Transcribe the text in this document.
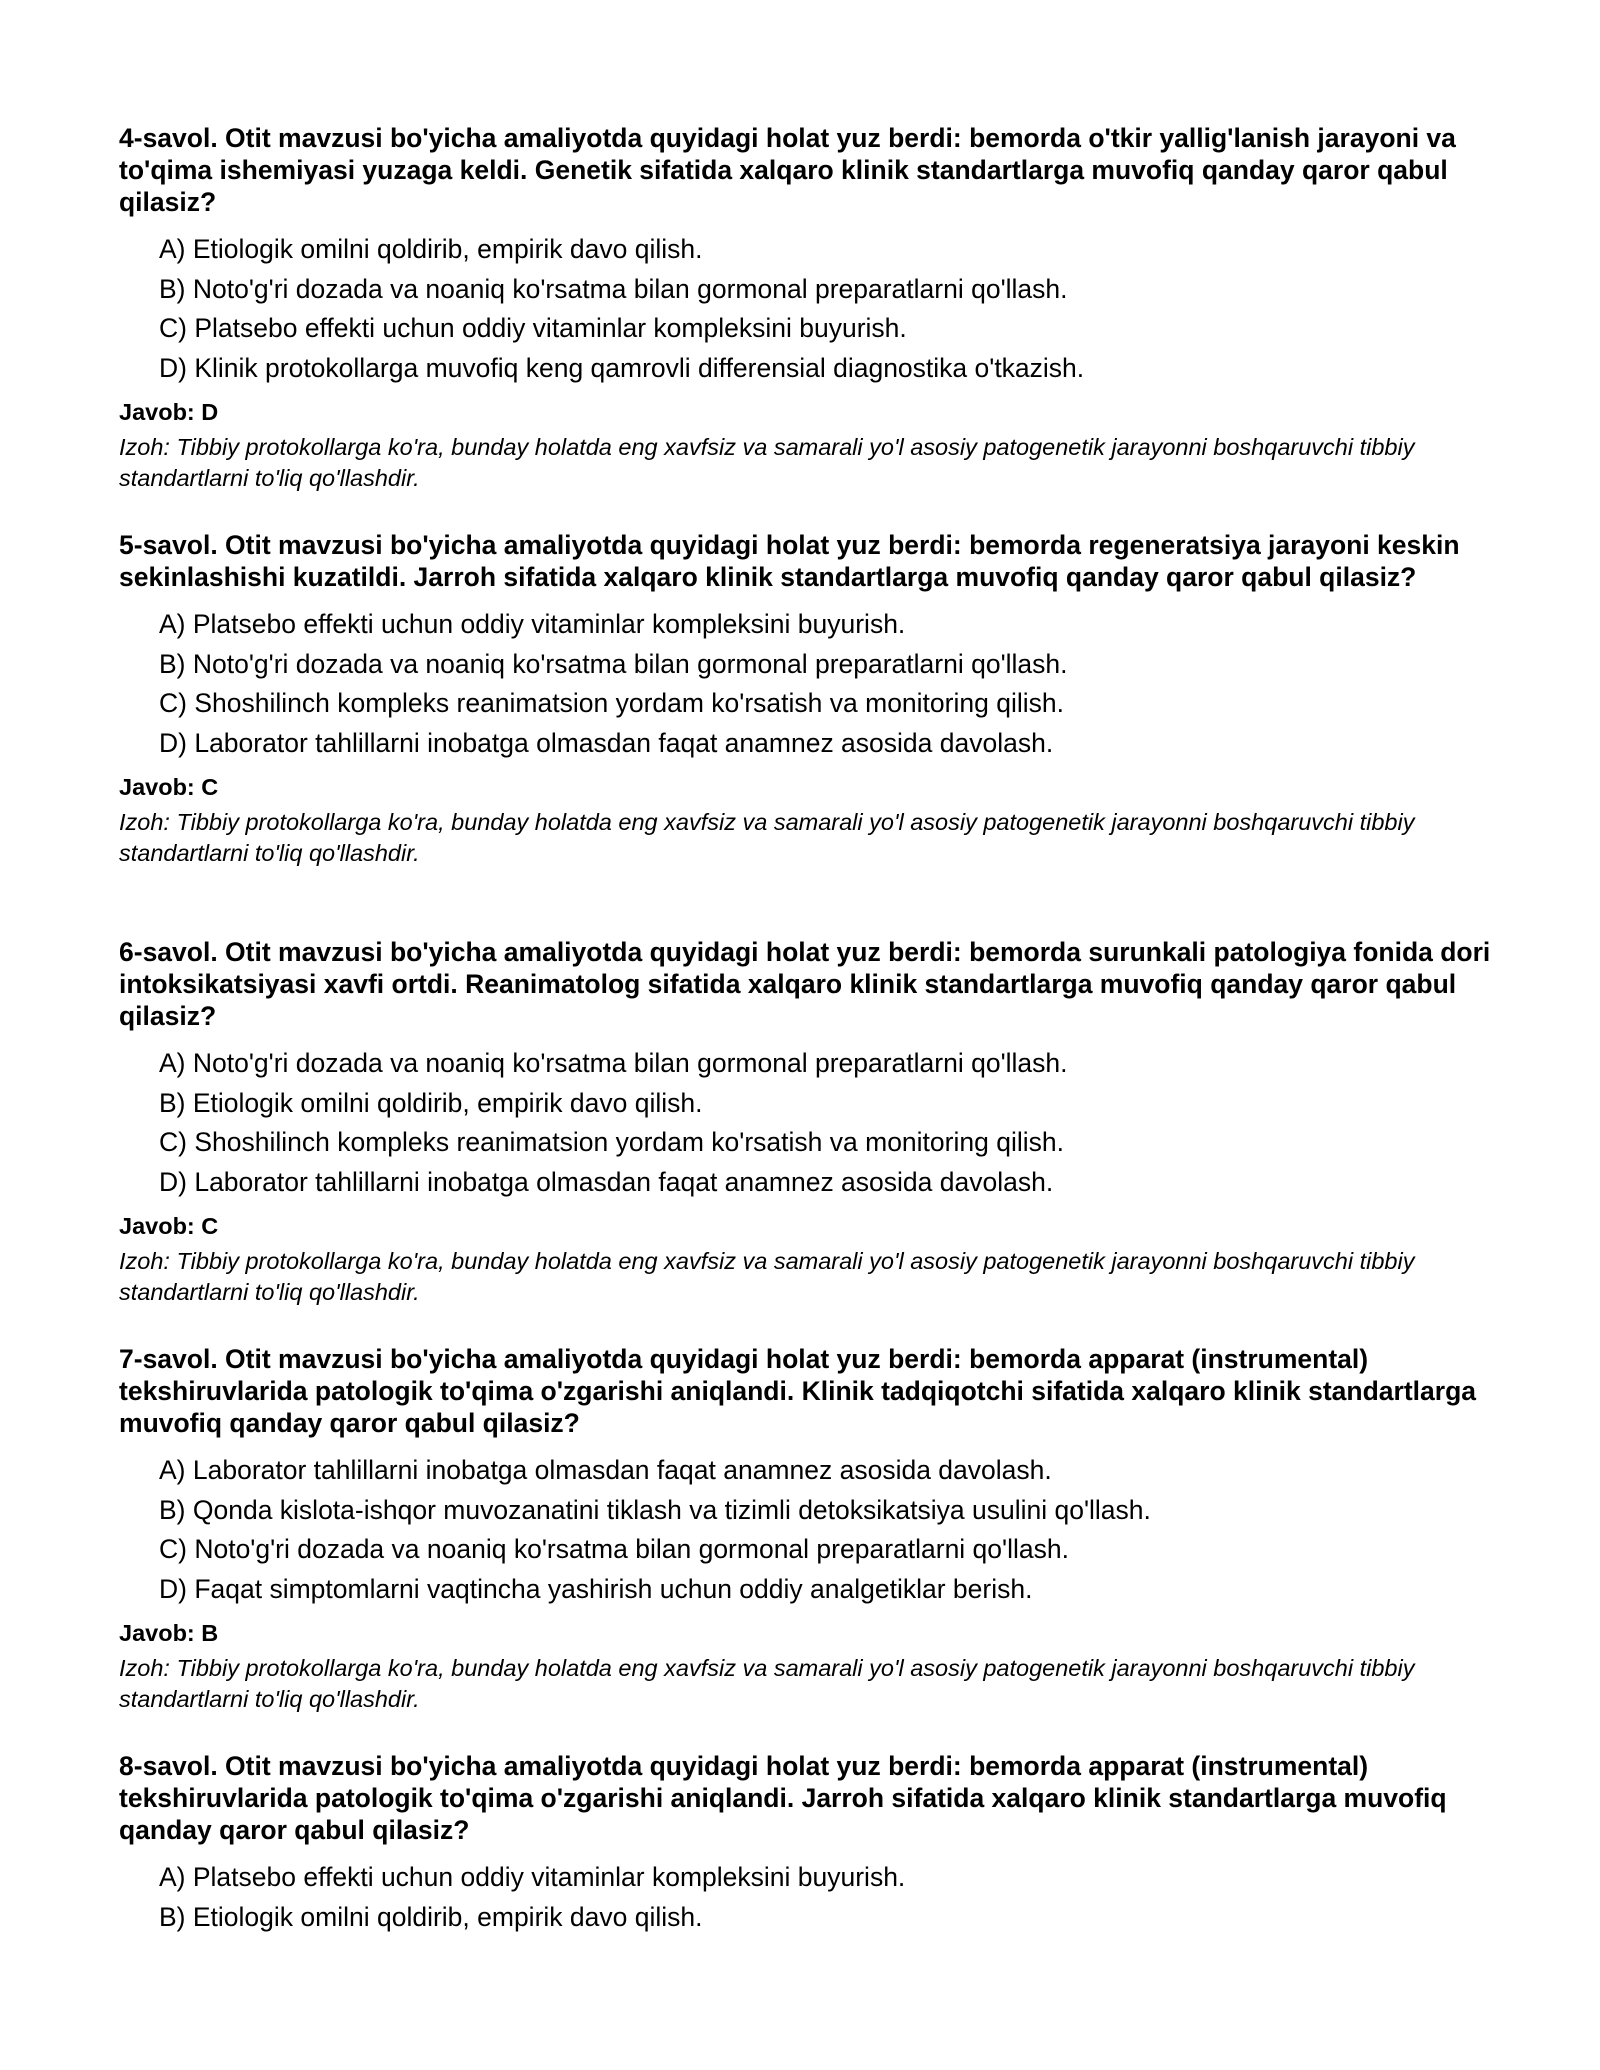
4-savol. Otit mavzusi bo'yicha amaliyotda quyidagi holat yuz berdi: bemorda o'tkir yallig'lanish jarayoni va to'qima ishemiyasi yuzaga keldi. Genetik sifatida xalqaro klinik standartlarga muvofiq qanday qaror qabul qilasiz?

A) Etiologik omilni qoldirib, empirik davo qilish.
B) Noto'g'ri dozada va noaniq ko'rsatma bilan gormonal preparatlarni qo'llash.
C) Platsebo effekti uchun oddiy vitaminlar kompleksini buyurish.
D) Klinik protokollarga muvofiq keng qamrovli differensial diagnostika o'tkazish.

Javob: D

Izoh: Tibbiy protokollarga ko'ra, bunday holatda eng xavfsiz va samarali yo'l asosiy patogenetik jarayonni boshqaruvchi tibbiy standartlarni to'liq qo'llashdir.

5-savol. Otit mavzusi bo'yicha amaliyotda quyidagi holat yuz berdi: bemorda regeneratsiya jarayoni keskin sekinlashishi kuzatildi. Jarroh sifatida xalqaro klinik standartlarga muvofiq qanday qaror qabul qilasiz?

A) Platsebo effekti uchun oddiy vitaminlar kompleksini buyurish.
B) Noto'g'ri dozada va noaniq ko'rsatma bilan gormonal preparatlarni qo'llash.
C) Shoshilinch kompleks reanimatsion yordam ko'rsatish va monitoring qilish.
D) Laborator tahlillarni inobatga olmasdan faqat anamnez asosida davolash.

Javob: C

Izoh: Tibbiy protokollarga ko'ra, bunday holatda eng xavfsiz va samarali yo'l asosiy patogenetik jarayonni boshqaruvchi tibbiy standartlarni to'liq qo'llashdir.

6-savol. Otit mavzusi bo'yicha amaliyotda quyidagi holat yuz berdi: bemorda surunkali patologiya fonida dori intoksikatsiyasi xavfi ortdi. Reanimatolog sifatida xalqaro klinik standartlarga muvofiq qanday qaror qabul qilasiz?

A) Noto'g'ri dozada va noaniq ko'rsatma bilan gormonal preparatlarni qo'llash.
B) Etiologik omilni qoldirib, empirik davo qilish.
C) Shoshilinch kompleks reanimatsion yordam ko'rsatish va monitoring qilish.
D) Laborator tahlillarni inobatga olmasdan faqat anamnez asosida davolash.

Javob: C

Izoh: Tibbiy protokollarga ko'ra, bunday holatda eng xavfsiz va samarali yo'l asosiy patogenetik jarayonni boshqaruvchi tibbiy standartlarni to'liq qo'llashdir.

7-savol. Otit mavzusi bo'yicha amaliyotda quyidagi holat yuz berdi: bemorda apparat (instrumental) tekshiruvlarida patologik to'qima o'zgarishi aniqlandi. Klinik tadqiqotchi sifatida xalqaro klinik standartlarga muvofiq qanday qaror qabul qilasiz?

A) Laborator tahlillarni inobatga olmasdan faqat anamnez asosida davolash.
B) Qonda kislota-ishqor muvozanatini tiklash va tizimli detoksikatsiya usulini qo'llash.
C) Noto'g'ri dozada va noaniq ko'rsatma bilan gormonal preparatlarni qo'llash.
D) Faqat simptomlarni vaqtincha yashirish uchun oddiy analgetiklar berish.

Javob: B

Izoh: Tibbiy protokollarga ko'ra, bunday holatda eng xavfsiz va samarali yo'l asosiy patogenetik jarayonni boshqaruvchi tibbiy standartlarni to'liq qo'llashdir.

8-savol. Otit mavzusi bo'yicha amaliyotda quyidagi holat yuz berdi: bemorda apparat (instrumental) tekshiruvlarida patologik to'qima o'zgarishi aniqlandi. Jarroh sifatida xalqaro klinik standartlarga muvofiq qanday qaror qabul qilasiz?

A) Platsebo effekti uchun oddiy vitaminlar kompleksini buyurish.
B) Etiologik omilni qoldirib, empirik davo qilish.
